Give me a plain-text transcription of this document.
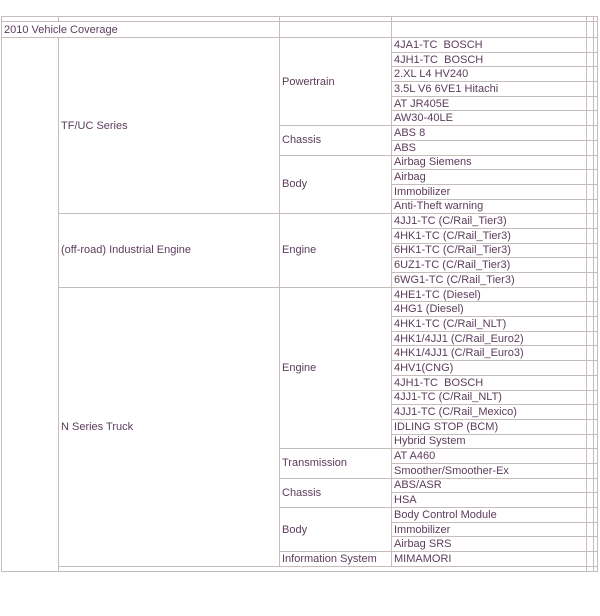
2010 Vehicle Coverage					
	TF/UC Series	Powertrain	4JA1-TC  BOSCH		
			4JH1-TC  BOSCH		
			2.XL L4 HV240		
			3.5L V6 6VE1 Hitachi		
			AT JR405E		
			AW30-40LE		
		Chassis	ABS 8		
			ABS		
		Body	Airbag Siemens		
			Airbag		
			Immobilizer		
			Anti-Theft warning		
	(off-road) Industrial Engine	Engine	4JJ1-TC (C/Rail_Tier3)		
			4HK1-TC (C/Rail_Tier3)		
			6HK1-TC (C/Rail_Tier3)		
			6UZ1-TC (C/Rail_Tier3)		
			6WG1-TC (C/Rail_Tier3)		
	N Series Truck	Engine	4HE1-TC (Diesel)		
			4HG1 (Diesel)		
			4HK1-TC (C/Rail_NLT)		
			4HK1/4JJ1 (C/Rail_Euro2)		
			4HK1/4JJ1 (C/Rail_Euro3)		
			4HV1(CNG)		
			4JH1-TC  BOSCH		
			4JJ1-TC (C/Rail_NLT)		
			4JJ1-TC (C/Rail_Mexico)		
			IDLING STOP (BCM)		
			Hybrid System		
		Transmission	AT A460		
			Smoother/Smoother-Ex		
		Chassis	ABS/ASR		
			HSA		
		Body	Body Control Module		
			Immobilizer		
			Airbag SRS		
		Information System	MIMAMORI		
